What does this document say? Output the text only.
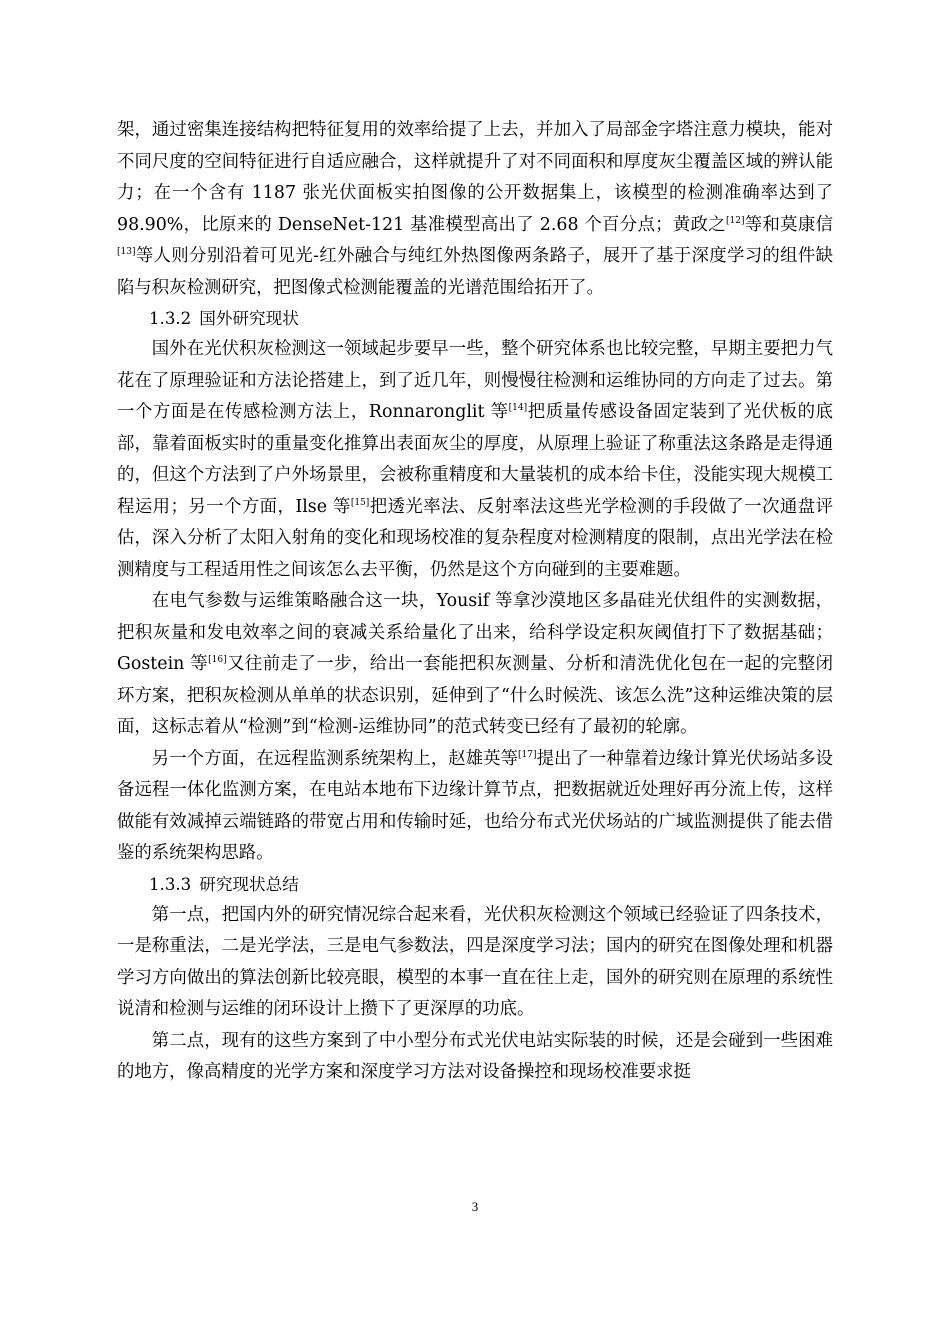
架，通过密集连接结构把特征复用的效率给提了上去，并加入了局部金字塔注意力模块，能对不同尺度的空间特征进行自适应融合，这样就提升了对不同面积和厚度灰尘覆盖区域的辨认能力；在一个含有 1187 张光伏面板实拍图像的公开数据集上，该模型的检测准确率达到了 98.90%，比原来的 DenseNet-121 基准模型高出了 2.68 个百分点；黄政之[12]等和莫康信[13]等人则分别沿着可见光-红外融合与纯红外热图像两条路子，展开了基于深度学习的组件缺陷与积灰检测研究，把图像式检测能覆盖的光谱范围给拓开了。

1.3.2 国外研究现状

国外在光伏积灰检测这一领域起步要早一些，整个研究体系也比较完整，早期主要把力气花在了原理验证和方法论搭建上，到了近几年，则慢慢往检测和运维协同的方向走了过去。第一个方面是在传感检测方法上，Ronnaronglit 等[14]把质量传感设备固定装到了光伏板的底部，靠着面板实时的重量变化推算出表面灰尘的厚度，从原理上验证了称重法这条路是走得通的，但这个方法到了户外场景里，会被称重精度和大量装机的成本给卡住，没能实现大规模工程运用；另一个方面，Ilse 等[15]把透光率法、反射率法这些光学检测的手段做了一次通盘评估，深入分析了太阳入射角的变化和现场校准的复杂程度对检测精度的限制，点出光学法在检测精度与工程适用性之间该怎么去平衡，仍然是这个方向碰到的主要难题。

在电气参数与运维策略融合这一块，Yousif 等拿沙漠地区多晶硅光伏组件的实测数据，把积灰量和发电效率之间的衰减关系给量化了出来，给科学设定积灰阈值打下了数据基础；Gostein 等[16]又往前走了一步，给出一套能把积灰测量、分析和清洗优化包在一起的完整闭环方案，把积灰检测从单单的状态识别，延伸到了“什么时候洗、该怎么洗”这种运维决策的层面，这标志着从“检测”到“检测-运维协同”的范式转变已经有了最初的轮廓。

另一个方面，在远程监测系统架构上，赵雄英等[17]提出了一种靠着边缘计算光伏场站多设备远程一体化监测方案，在电站本地布下边缘计算节点，把数据就近处理好再分流上传，这样做能有效减掉云端链路的带宽占用和传输时延，也给分布式光伏场站的广域监测提供了能去借鉴的系统架构思路。

1.3.3 研究现状总结

第一点，把国内外的研究情况综合起来看，光伏积灰检测这个领域已经验证了四条技术，一是称重法，二是光学法，三是电气参数法，四是深度学习法；国内的研究在图像处理和机器学习方向做出的算法创新比较亮眼，模型的本事一直在往上走，国外的研究则在原理的系统性说清和检测与运维的闭环设计上攒下了更深厚的功底。

第二点，现有的这些方案到了中小型分布式光伏电站实际装的时候，还是会碰到一些困难的地方，像高精度的光学方案和深度学习方法对设备操控和现场校准要求挺

3
